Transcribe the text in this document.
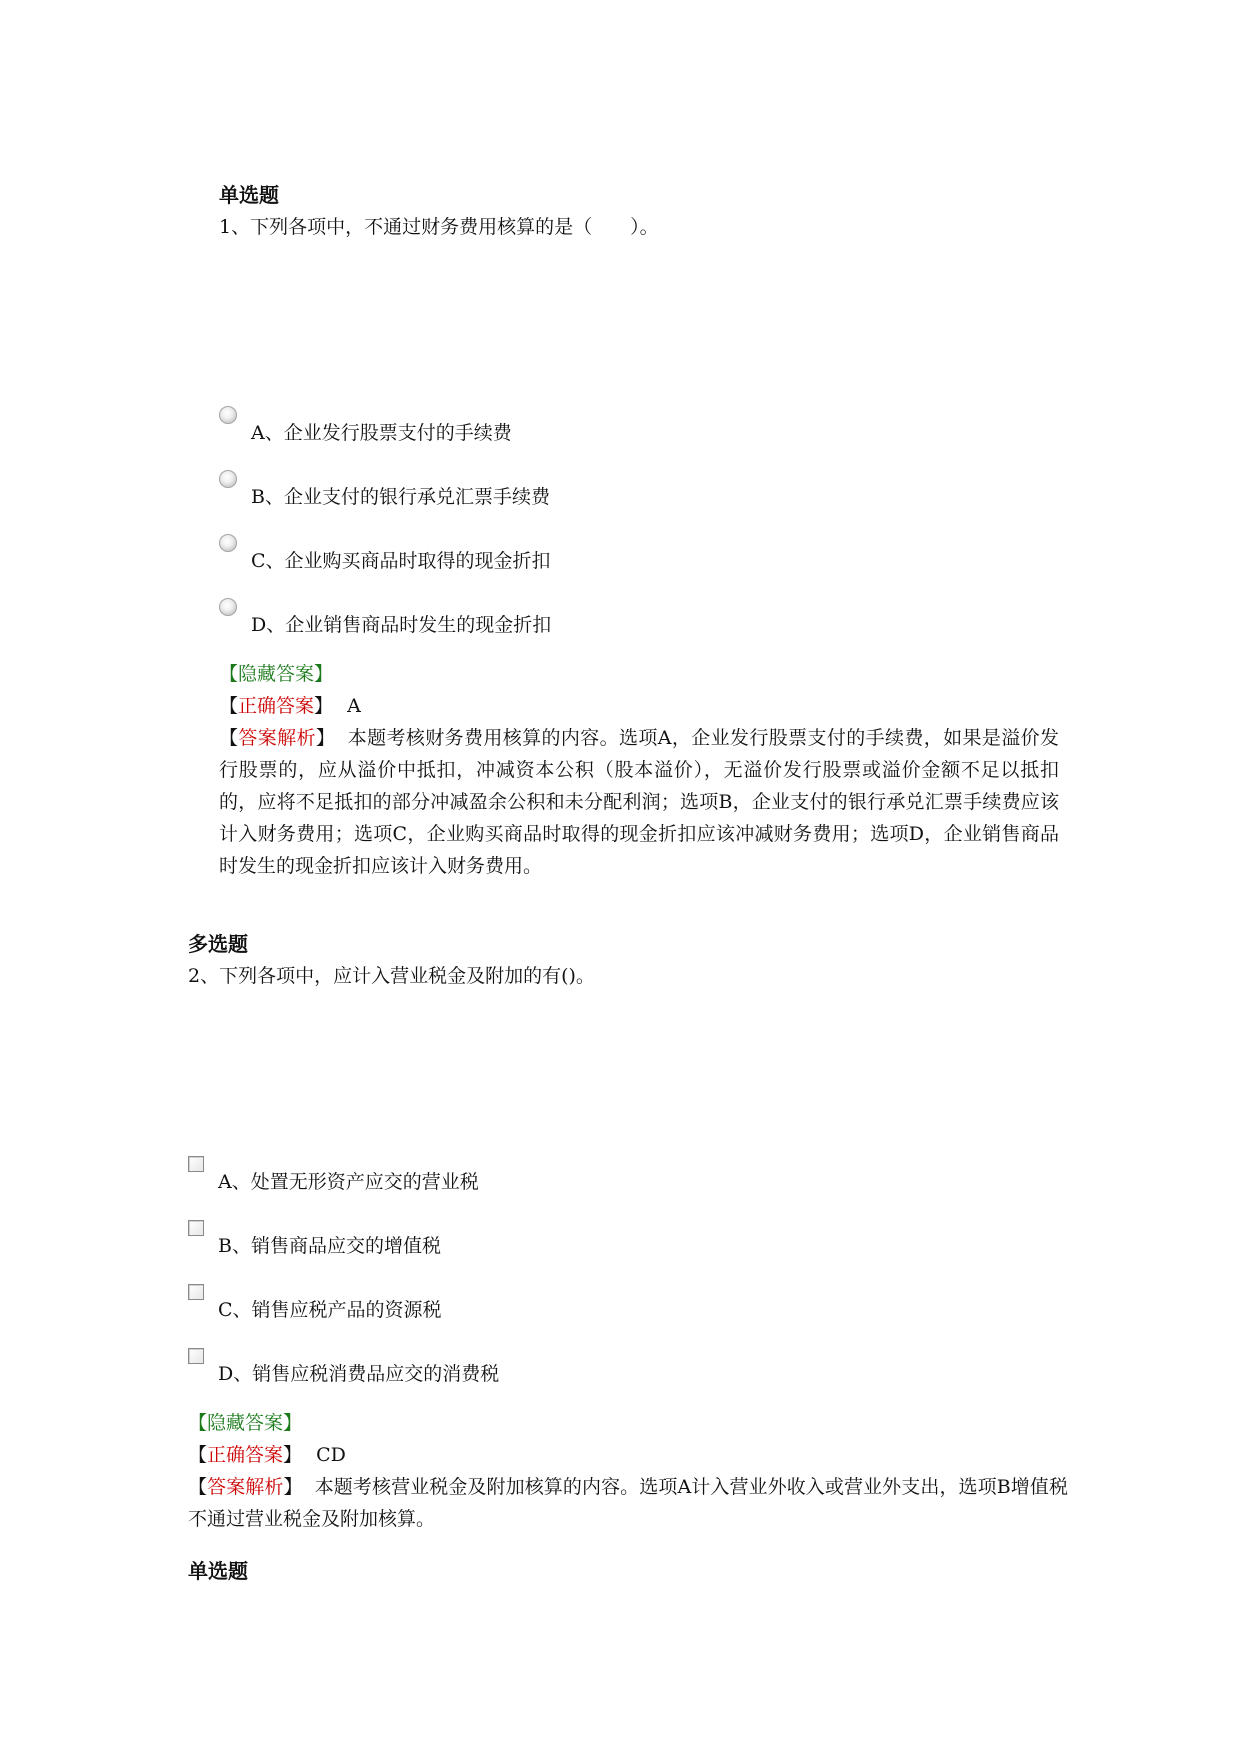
单选题
1、下列各项中，不通过财务费用核算的是（　　）。
A、企业发行股票支付的手续费
B、企业支付的银行承兑汇票手续费
C、企业购买商品时取得的现金折扣
D、企业销售商品时发生的现金折扣
【隐藏答案】
【正确答案】 A
【答案解析】 本题考核财务费用核算的内容。选项A，企业发行股票支付的手续费，如果是溢价发行股票的，应从溢价中抵扣，冲减资本公积（股本溢价），无溢价发行股票或溢价金额不足以抵扣的，应将不足抵扣的部分冲减盈余公积和未分配利润；选项B，企业支付的银行承兑汇票手续费应该计入财务费用；选项C，企业购买商品时取得的现金折扣应该冲减财务费用；选项D，企业销售商品时发生的现金折扣应该计入财务费用。
多选题
2、下列各项中，应计入营业税金及附加的有()。
A、处置无形资产应交的营业税
B、销售商品应交的增值税
C、销售应税产品的资源税
D、销售应税消费品应交的消费税
【隐藏答案】
【正确答案】 CD
【答案解析】 本题考核营业税金及附加核算的内容。选项A计入营业外收入或营业外支出，选项B增值税不通过营业税金及附加核算。
单选题
